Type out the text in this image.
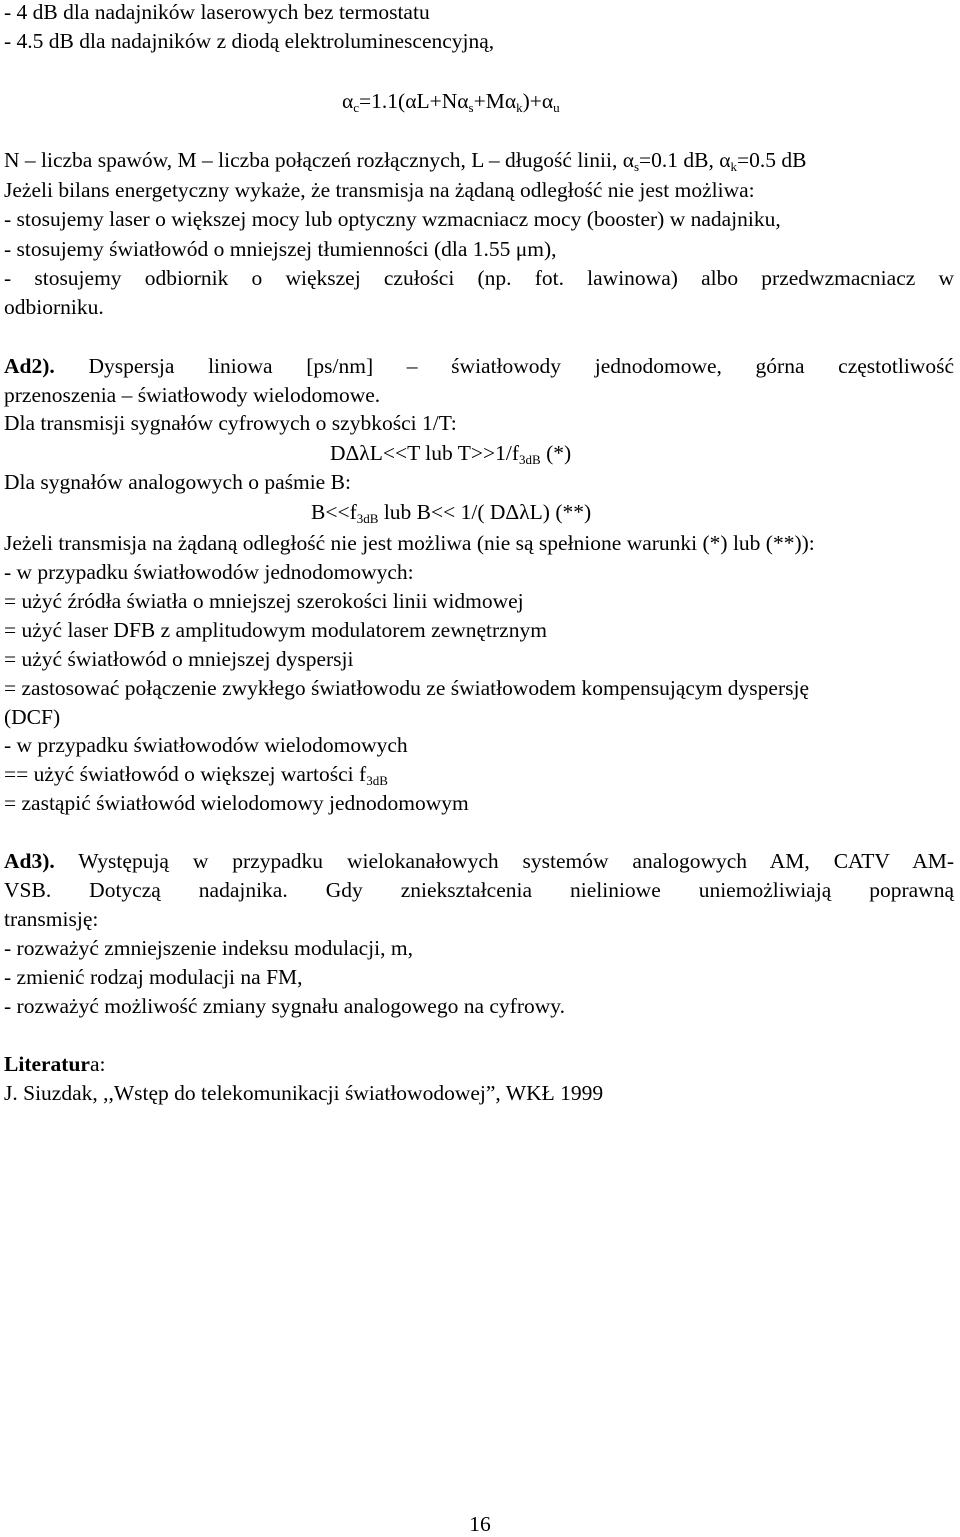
- 4 dB dla nadajników laserowych bez termostatu
- 4.5 dB dla nadajników z diodą elektroluminescencyjną,
$\alpha_c=1.1(\alpha L+N\alpha_s+M\alpha_k)+\alpha_u$
N – liczba spawów, M – liczba połączeń rozłącznych, L – długość linii, $\alpha_s=0.1$ dB, $\alpha_k=0.5$ dB
Jeżeli bilans energetyczny wykaże, że transmisja na żądaną odległość nie jest możliwa:
- stosujemy laser o większej mocy lub optyczny wzmacniacz mocy (booster) w nadajniku,
- stosujemy światłowód o mniejszej tłumienności (dla 1.55 μm),
- stosujemy odbiornik o większej czułości (np. fot. lawinowa) albo przedwzmacniacz w
odbiorniku.
Ad2). Dyspersja liniowa [ps/nm] – światłowody jednodomowe, górna częstotliwość
przenoszenia – światłowody wielodomowe.
Dla transmisji sygnałów cyfrowych o szybkości 1/T:
DΔλL<<T lub $T>>1/f_{3dB}$ (*)
Dla sygnałów analogowych o paśmie B:
$B<<f_{3dB}$ lub B<< 1/( DΔλL) (**)
Jeżeli transmisja na żądaną odległość nie jest możliwa (nie są spełnione warunki (*) lub (**)):
- w przypadku światłowodów jednodomowych:
= użyć źródła światła o mniejszej szerokości linii widmowej
= użyć laser DFB z amplitudowym modulatorem zewnętrznym
= użyć światłowód o mniejszej dyspersji
= zastosować połączenie zwykłego światłowodu ze światłowodem kompensującym dyspersję
(DCF)
- w przypadku światłowodów wielodomowych
== użyć światłowód o większej wartości $f_{3dB}$
= zastąpić światłowód wielodomowy jednodomowym
Ad3). Występują w przypadku wielokanałowych systemów analogowych AM, CATV AM-
VSB. Dotyczą nadajnika. Gdy zniekształcenia nieliniowe uniemożliwiają poprawną
transmisję:
- rozważyć zmniejszenie indeksu modulacji, m,
- zmienić rodzaj modulacji na FM,
- rozważyć możliwość zmiany sygnału analogowego na cyfrowy.
Literatura:
J. Siuzdak, ,,Wstęp do telekomunikacji światłowodowej”, WKŁ 1999
16
